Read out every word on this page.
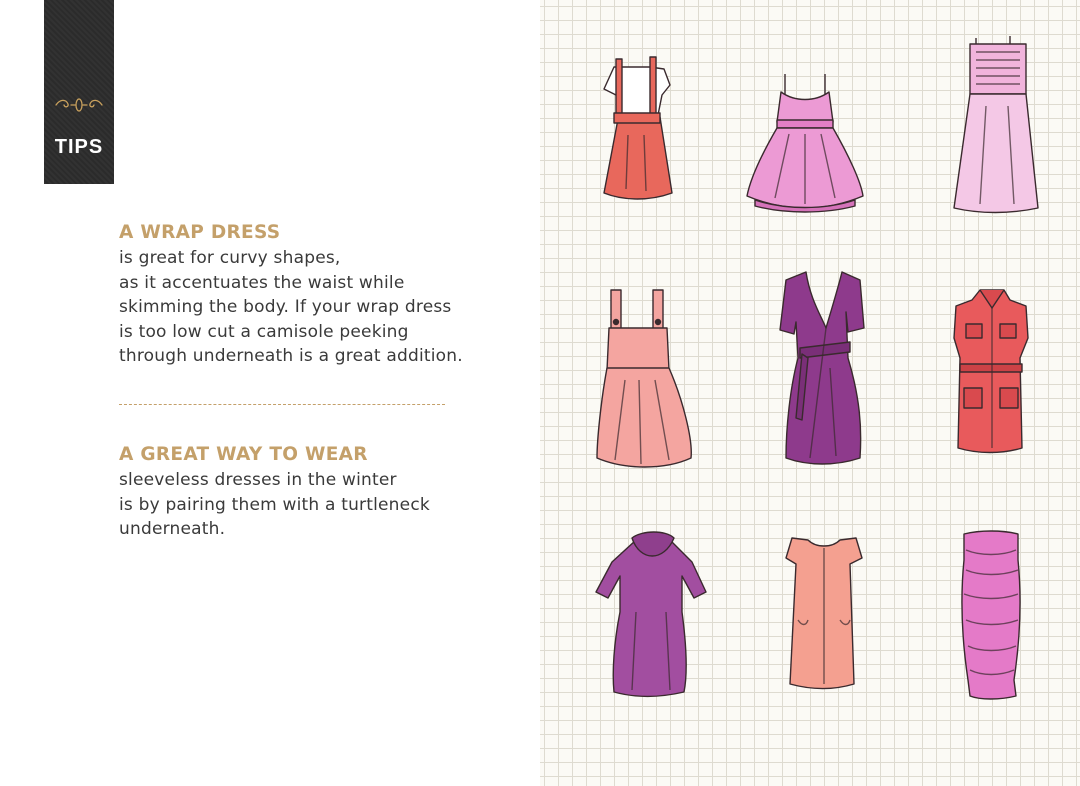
TIPS

A WRAP DRESS

is great for curvy shapes,

as it accentuates the waist while

skimming the body. If your wrap dress

is too low cut a camisole peeking

through underneath is a great addition.

A GREAT WAY TO WEAR

sleeveless dresses in the winter

is by pairing them with a turtleneck

underneath.
